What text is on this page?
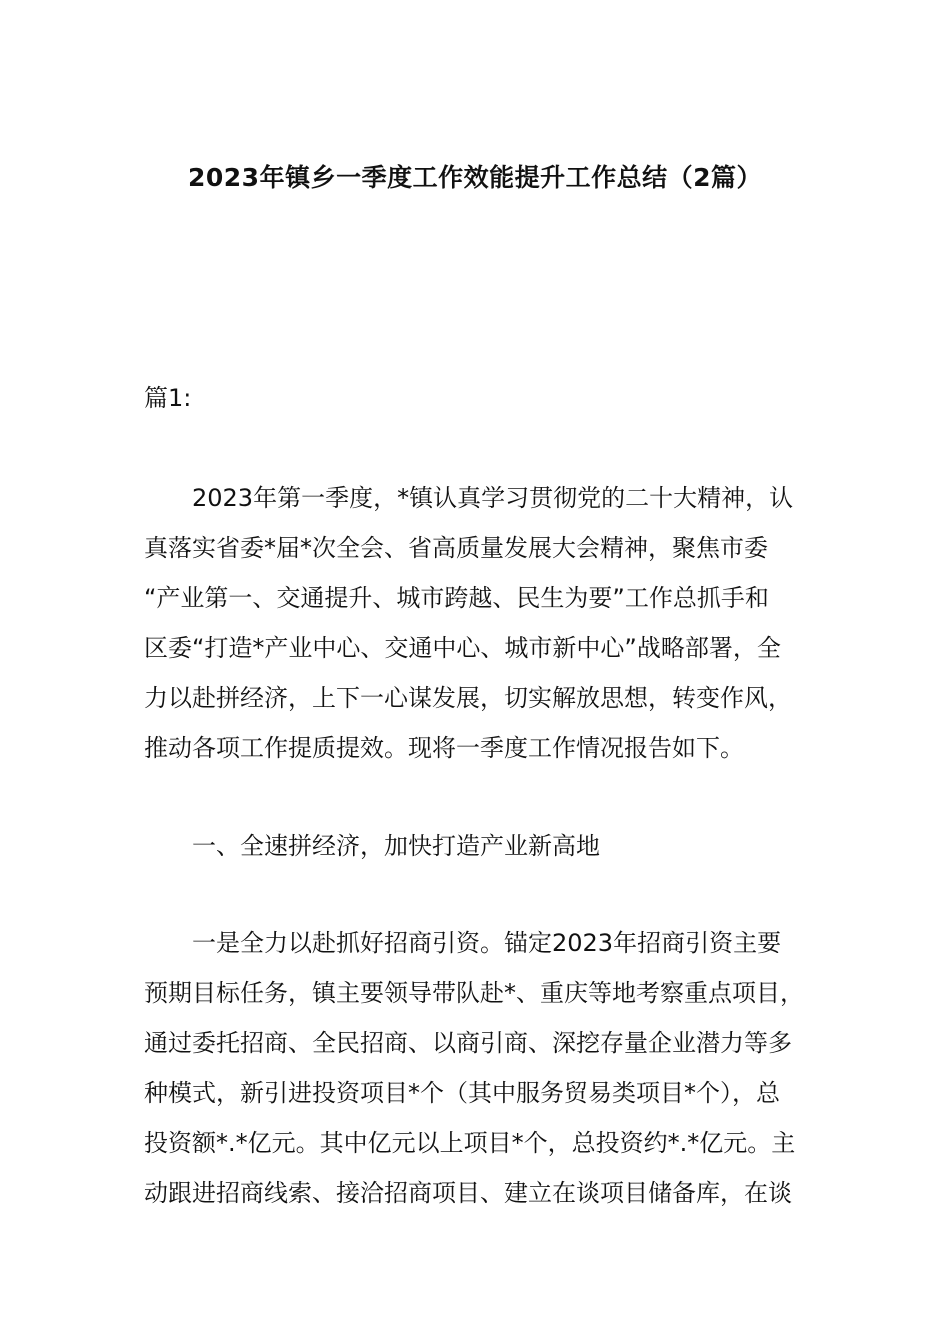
2023年镇乡一季度工作效能提升工作总结（2篇）
篇1:
　　2023年第一季度，*镇认真学习贯彻党的二十大精神，认
真落实省委*届*次全会、省高质量发展大会精神，聚焦市委
“产业第一、交通提升、城市跨越、民生为要”工作总抓手和
区委“打造*产业中心、交通中心、城市新中心”战略部署，全
力以赴拼经济，上下一心谋发展，切实解放思想，转变作风，
推动各项工作提质提效。现将一季度工作情况报告如下。
一、全速拼经济，加快打造产业新高地
　　一是全力以赴抓好招商引资。锚定2023年招商引资主要
预期目标任务，镇主要领导带队赴*、重庆等地考察重点项目，
通过委托招商、全民招商、以商引商、深挖存量企业潜力等多
种模式，新引进投资项目*个（其中服务贸易类项目*个），总
投资额*.*亿元。其中亿元以上项目*个，总投资约*.*亿元。主
动跟进招商线索、接洽招商项目、建立在谈项目储备库，在谈
